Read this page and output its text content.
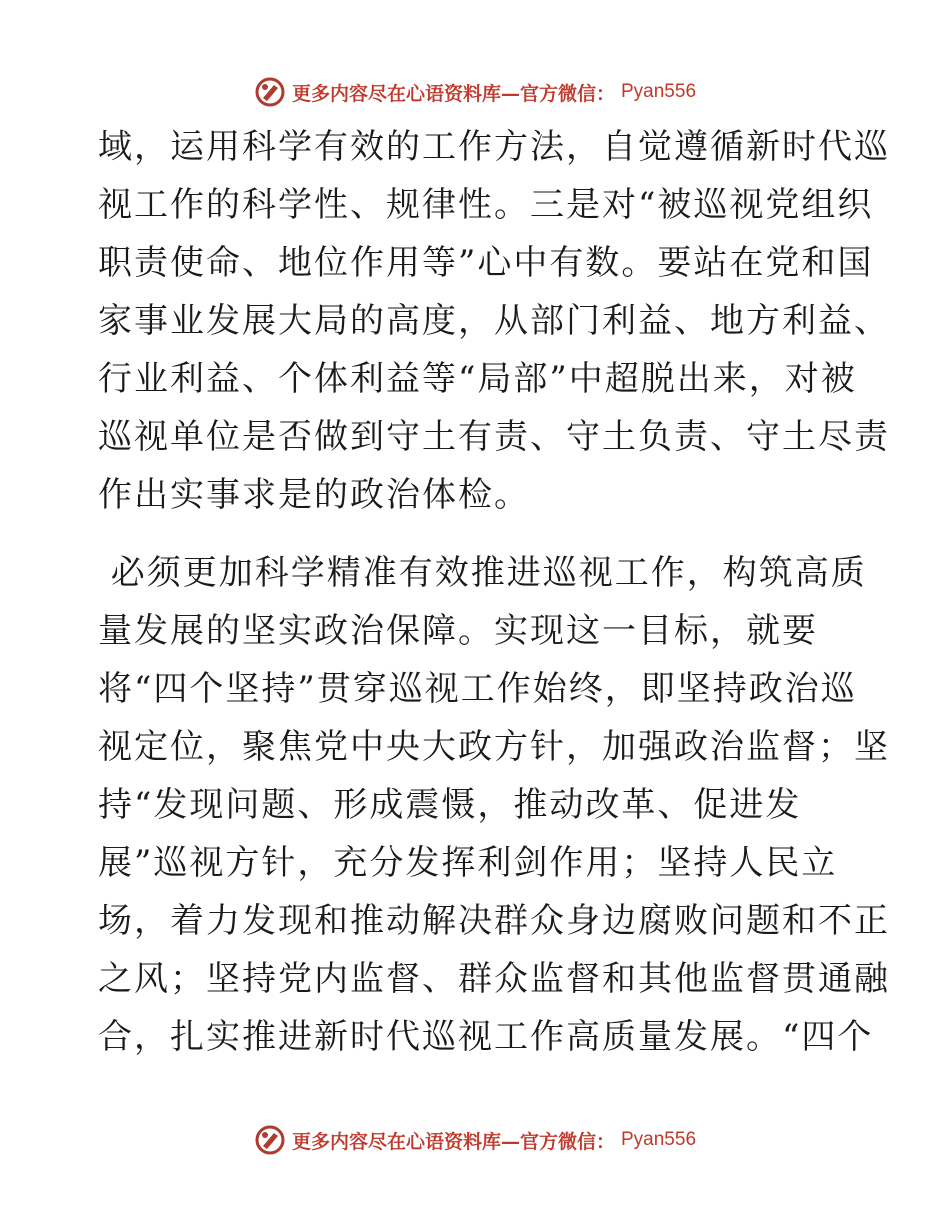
更多内容尽在心语资料库—官方微信： Pyan556
域，运用科学有效的工作方法，自觉遵循新时代巡
视工作的科学性、规律性。三是对“被巡视党组织
职责使命、地位作用等”心中有数。要站在党和国
家事业发展大局的高度，从部门利益、地方利益、
行业利益、个体利益等“局部”中超脱出来，对被
巡视单位是否做到守土有责、守土负责、守土尽责
作出实事求是的政治体检。
必须更加科学精准有效推进巡视工作，构筑高质
量发展的坚实政治保障。实现这一目标，就要
将“四个坚持”贯穿巡视工作始终，即坚持政治巡
视定位，聚焦党中央大政方针，加强政治监督；坚
持“发现问题、形成震慑，推动改革、促进发
展”巡视方针，充分发挥利剑作用；坚持人民立
场，着力发现和推动解决群众身边腐败问题和不正
之风；坚持党内监督、群众监督和其他监督贯通融
合，扎实推进新时代巡视工作高质量发展。“四个
更多内容尽在心语资料库—官方微信： Pyan556
